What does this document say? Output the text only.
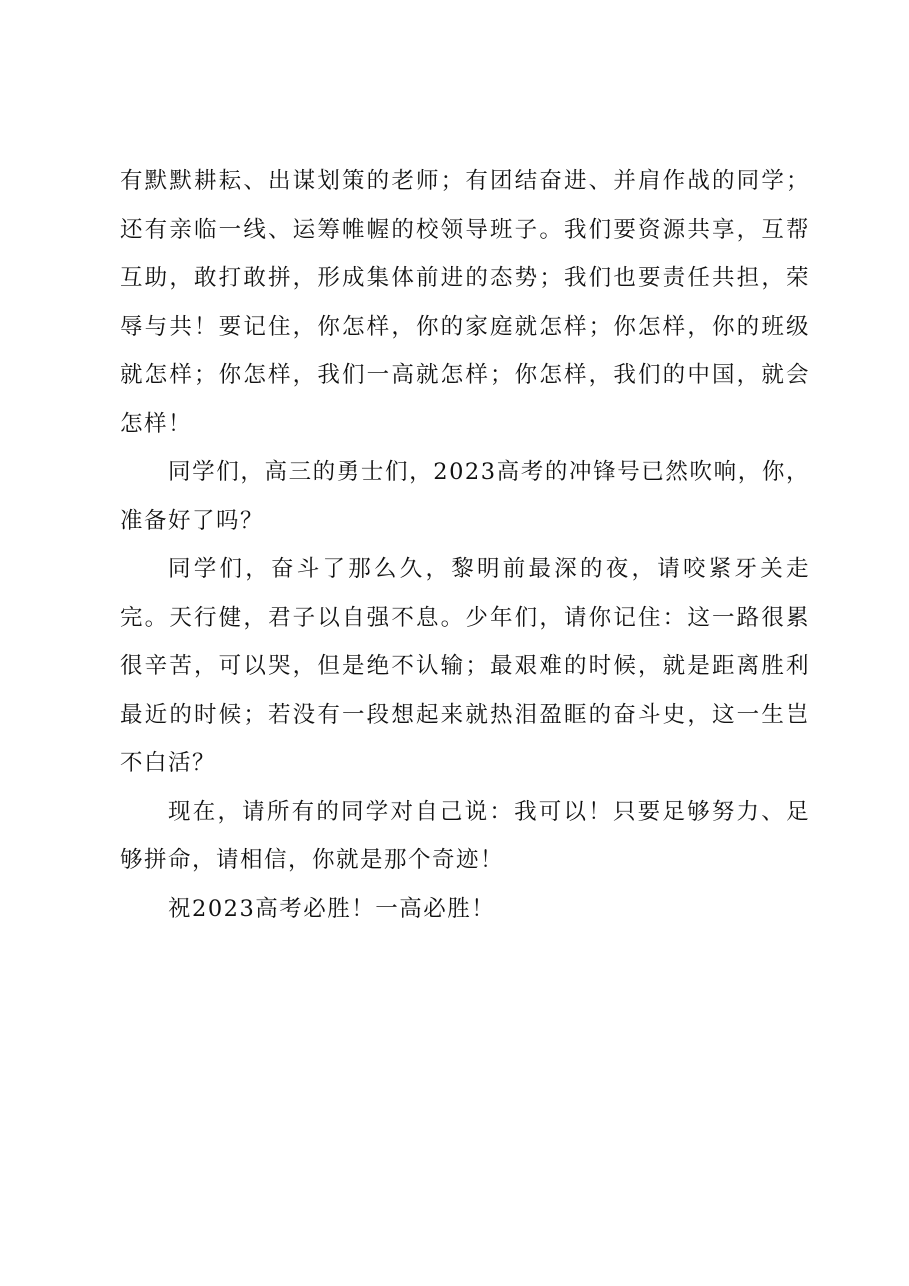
有默默耕耘、出谋划策的老师；有团结奋进、并肩作战的同学；还有亲临一线、运筹帷幄的校领导班子。我们要资源共享，互帮互助，敢打敢拼，形成集体前进的态势；我们也要责任共担，荣辱与共！要记住，你怎样，你的家庭就怎样；你怎样，你的班级就怎样；你怎样，我们一高就怎样；你怎样，我们的中国，就会怎样！

同学们，高三的勇士们，2023高考的冲锋号已然吹响，你，准备好了吗？

同学们，奋斗了那么久，黎明前最深的夜，请咬紧牙关走完。天行健，君子以自强不息。少年们，请你记住：这一路很累很辛苦，可以哭，但是绝不认输；最艰难的时候，就是距离胜利最近的时候；若没有一段想起来就热泪盈眶的奋斗史，这一生岂不白活？

现在，请所有的同学对自己说：我可以！只要足够努力、足够拼命，请相信，你就是那个奇迹！

祝2023高考必胜！一高必胜！
